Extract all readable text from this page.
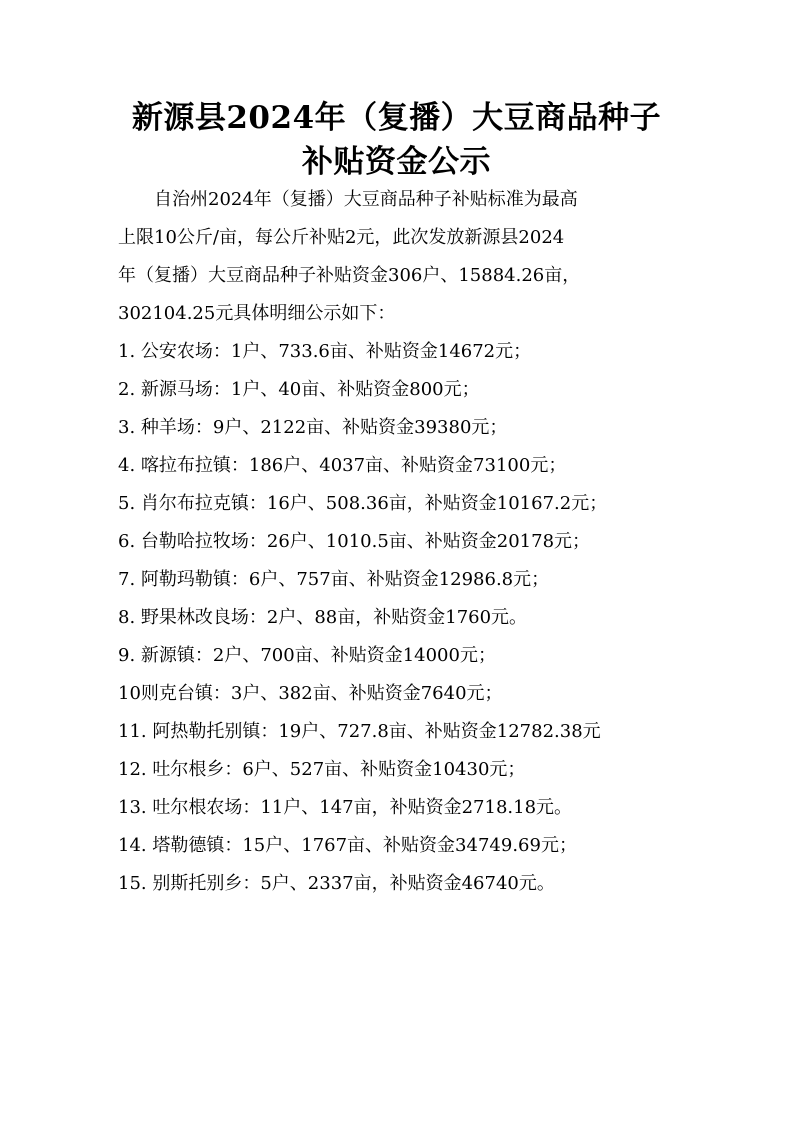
新源县2024年（复播）大豆商品种子
补贴资金公示
自治州2024年（复播）大豆商品种子补贴标准为最高
上限10公斤/亩，每公斤补贴2元，此次发放新源县2024
年（复播）大豆商品种子补贴资金306户、15884.26亩，
302104.25元具体明细公示如下：
1. 公安农场：1户、733.6亩、补贴资金14672元；
2. 新源马场：1户、40亩、补贴资金800元；
3. 种羊场：9户、2122亩、补贴资金39380元；
4. 喀拉布拉镇：186户、4037亩、补贴资金73100元；
5. 肖尔布拉克镇：16户、508.36亩，补贴资金10167.2元；
6. 台勒哈拉牧场：26户、1010.5亩、补贴资金20178元；
7. 阿勒玛勒镇：6户、757亩、补贴资金12986.8元；
8. 野果林改良场：2户、88亩，补贴资金1760元。
9. 新源镇：2户、700亩、补贴资金14000元；
10则克台镇：3户、382亩、补贴资金7640元；
11. 阿热勒托别镇：19户、727.8亩、补贴资金12782.38元
12. 吐尔根乡：6户、527亩、补贴资金10430元；
13. 吐尔根农场：11户、147亩，补贴资金2718.18元。
14. 塔勒德镇：15户、1767亩、补贴资金34749.69元；
15. 别斯托别乡：5户、2337亩，补贴资金46740元。
